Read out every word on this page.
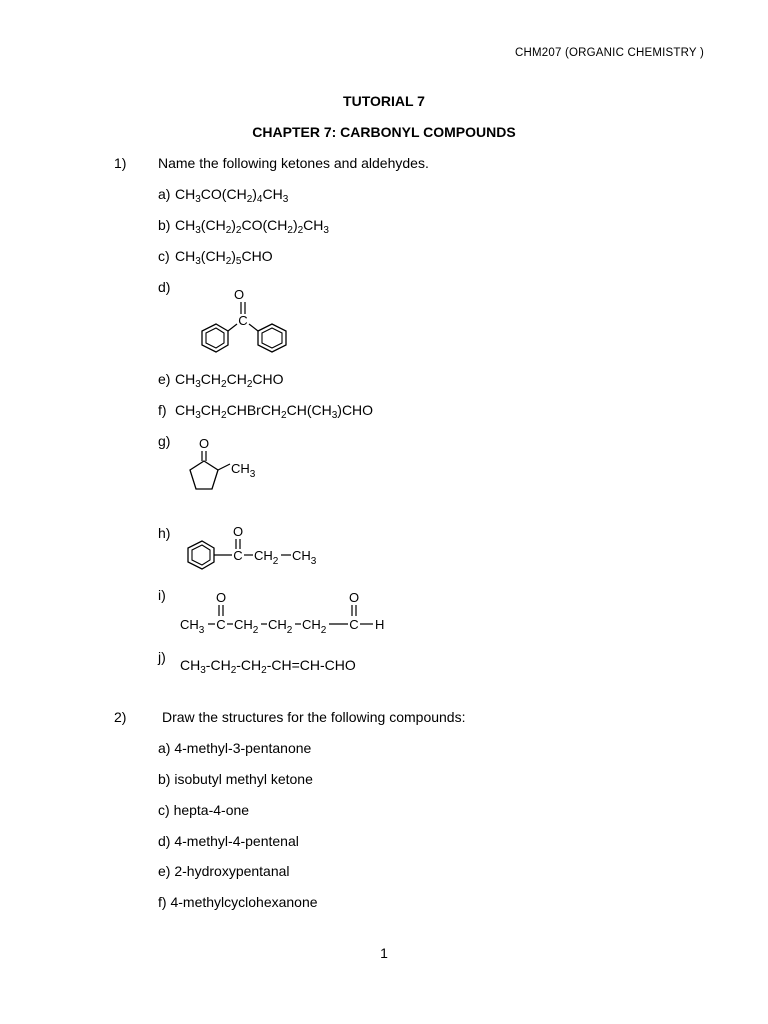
CHM207 (ORGANIC CHEMISTRY )
TUTORIAL 7
CHAPTER 7: CARBONYL COMPOUNDS
1) Name the following ketones and aldehydes.
a) $CH_3CO(CH_2)_4CH_3$
b) $CH_3(CH_2)_2CO(CH_2)_2CH_3$
c) $CH_3(CH_2)_5CHO$
d)	O
C
e) $CH_3CH_2CH_2CHO$
f) $CH_3CH_2CHBrCH_2CH(CH_3)CHO$
g) O
$CH_3$
h)	O
C $CH_2$ $CH_3$
i)	O	O
$CH_3$ C $CH_2$ $CH_2$ $CH_2$ C H
j) $CH_3-CH_2-CH_2-CH=CH$-CHO
2)	Draw the structures for the following compounds:
a) 4-methyl-3-pentanone
b) isobutyl methyl ketone
c) hepta-4-one
d) 4-methyl-4-pentenal
e) 2-hydroxypentanal
f) 4-methylcyclohexanone
1
